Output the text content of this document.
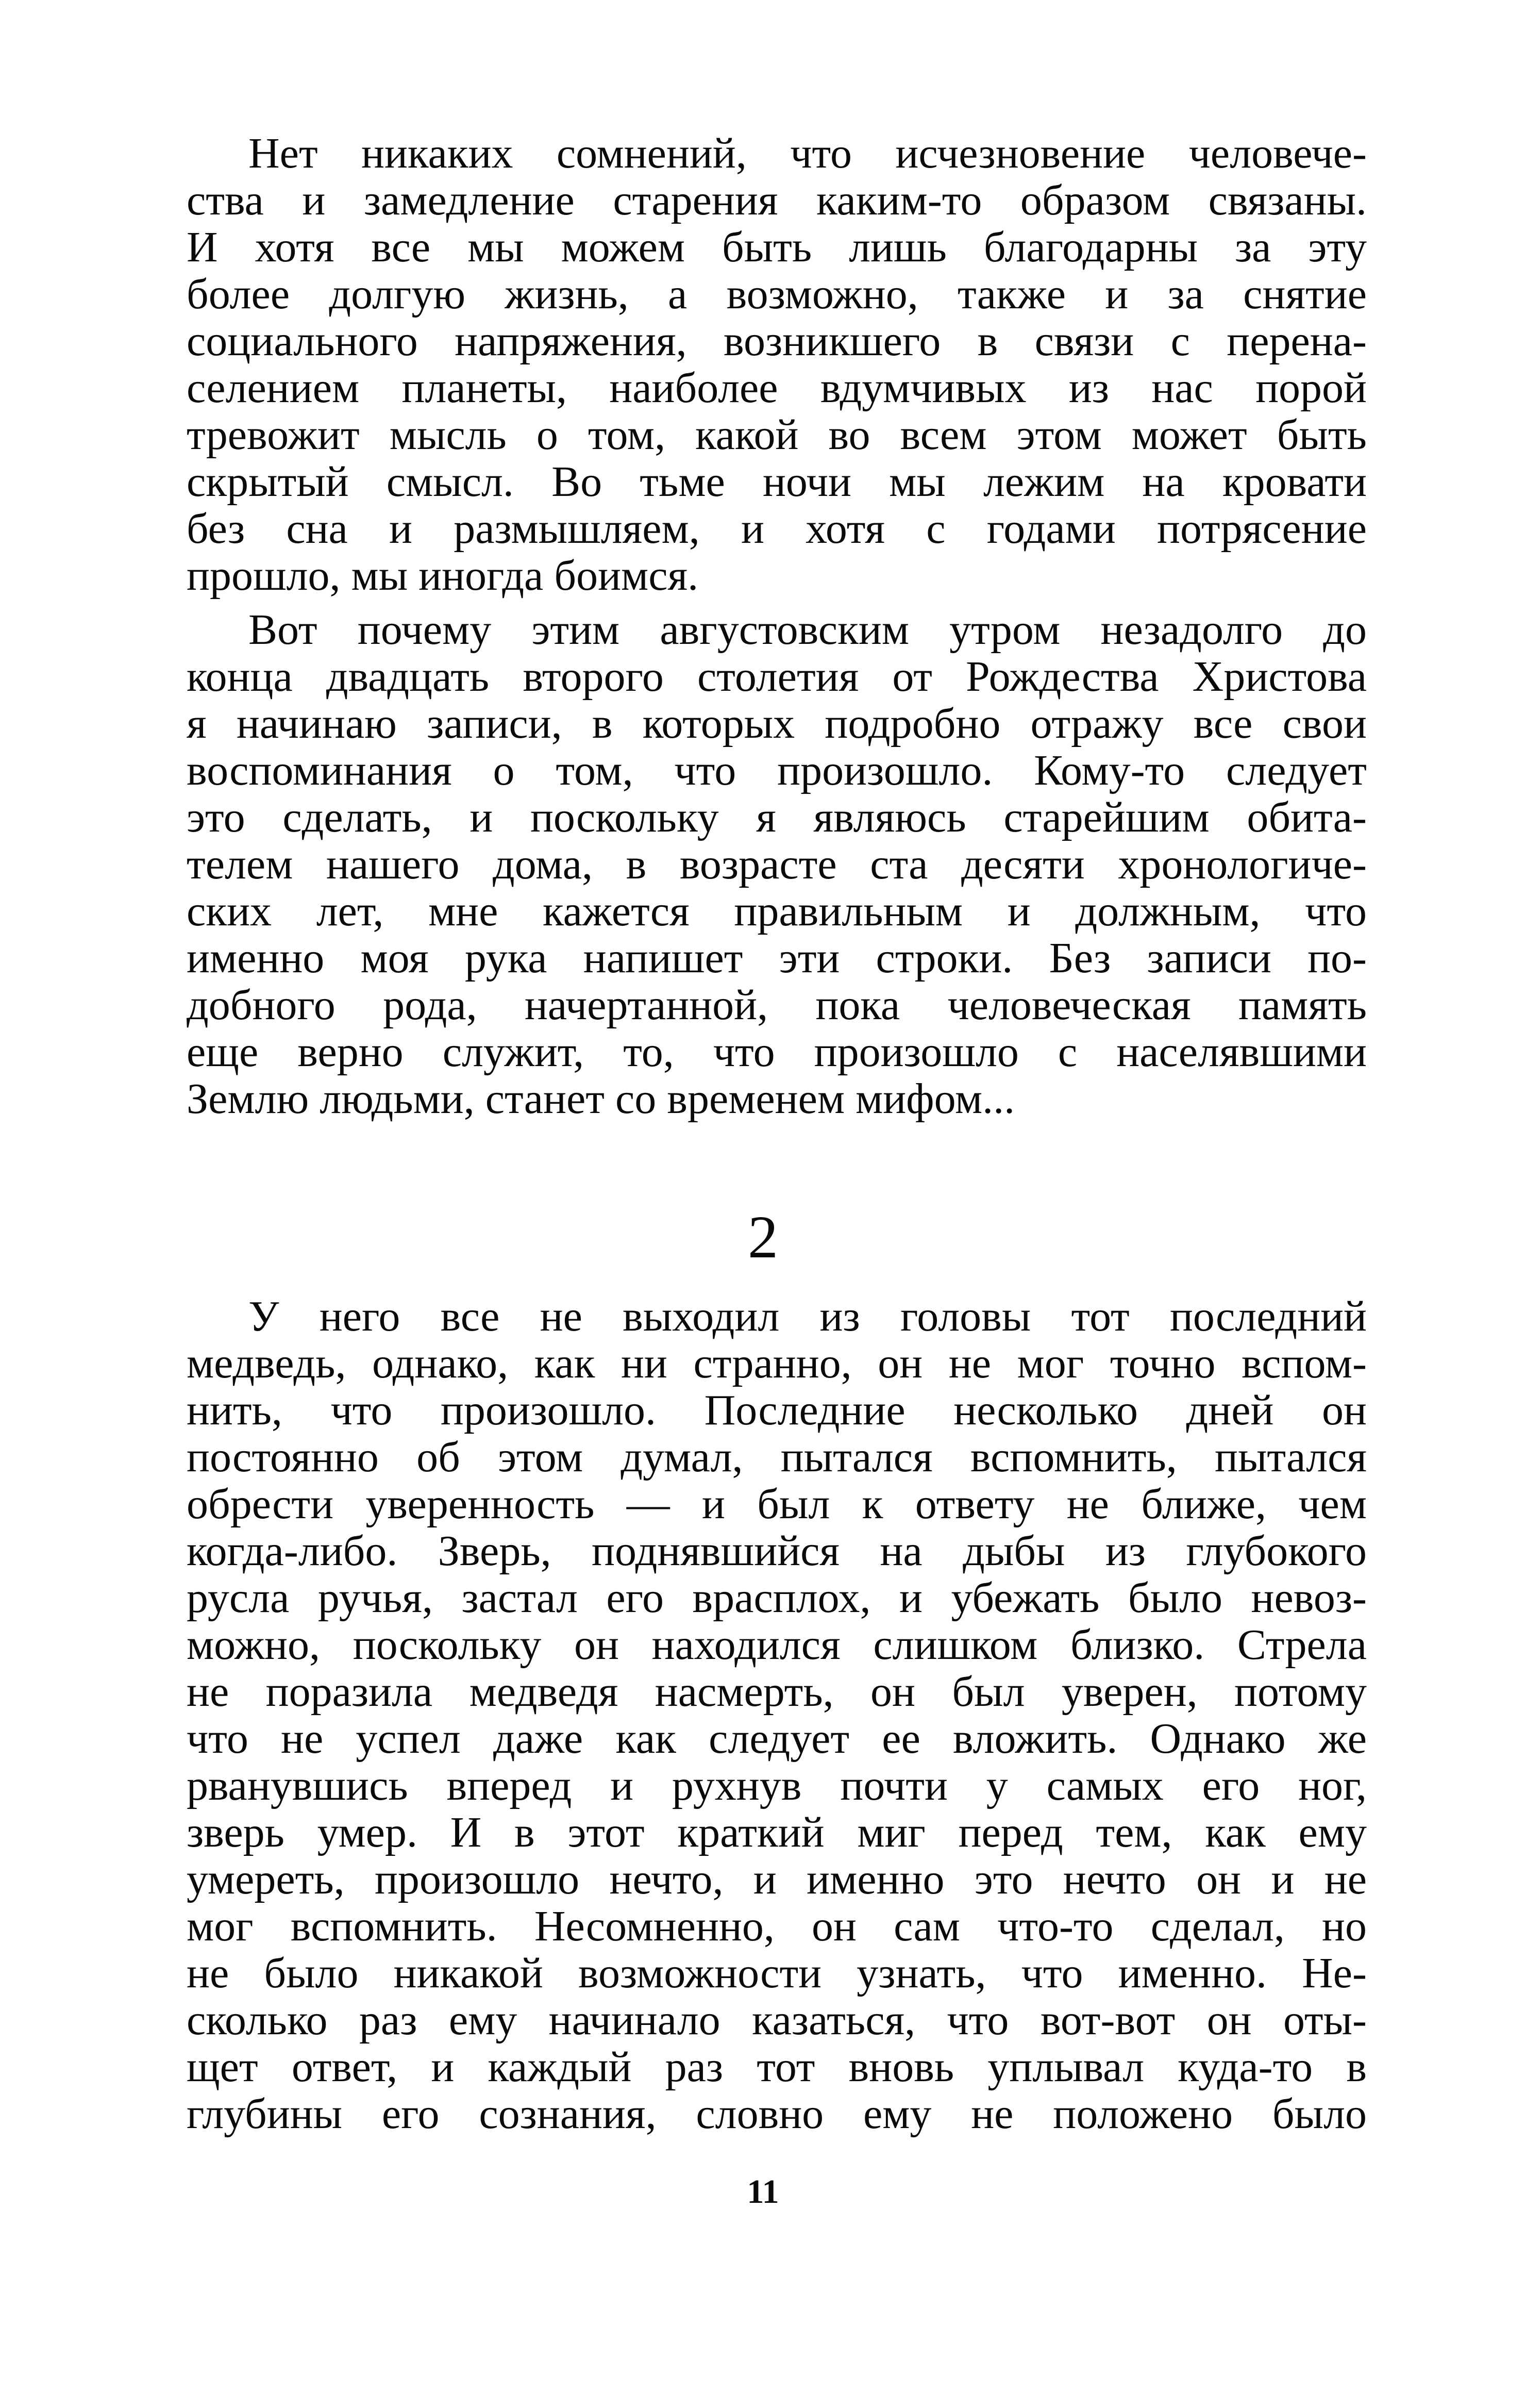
Нет никаких сомнений, что исчезновение человече-
ства и замедление старения каким-то образом связаны.
И хотя все мы можем быть лишь благодарны за эту
более долгую жизнь, а возможно, также и за снятие
социального напряжения, возникшего в связи с перена-
селением планеты, наиболее вдумчивых из нас порой
тревожит мысль о том, какой во всем этом может быть
скрытый смысл. Во тьме ночи мы лежим на кровати
без сна и размышляем, и хотя с годами потрясение
прошло, мы иногда боимся.
Вот почему этим августовским утром незадолго до
конца двадцать второго столетия от Рождества Христова
я начинаю записи, в которых подробно отражу все свои
воспоминания о том, что произошло. Кому-то следует
это сделать, и поскольку я являюсь старейшим обита-
телем нашего дома, в возрасте ста десяти хронологиче-
ских лет, мне кажется правильным и должным, что
именно моя рука напишет эти строки. Без записи по-
добного рода, начертанной, пока человеческая память
еще верно служит, то, что произошло с населявшими
Землю людьми, станет со временем мифом...
2
У него все не выходил из головы тот последний
медведь, однако, как ни странно, он не мог точно вспом-
нить, что произошло. Последние несколько дней он
постоянно об этом думал, пытался вспомнить, пытался
обрести уверенность — и был к ответу не ближе, чем
когда-либо. Зверь, поднявшийся на дыбы из глубокого
русла ручья, застал его врасплох, и убежать было невоз-
можно, поскольку он находился слишком близко. Стрела
не поразила медведя насмерть, он был уверен, потому
что не успел даже как следует ее вложить. Однако же
рванувшись вперед и рухнув почти у самых его ног,
зверь умер. И в этот краткий миг перед тем, как ему
умереть, произошло нечто, и именно это нечто он и не
мог вспомнить. Несомненно, он сам что-то сделал, но
не было никакой возможности узнать, что именно. Не-
сколько раз ему начинало казаться, что вот-вот он оты-
щет ответ, и каждый раз тот вновь уплывал куда-то в
глубины его сознания, словно ему не положено было
11
